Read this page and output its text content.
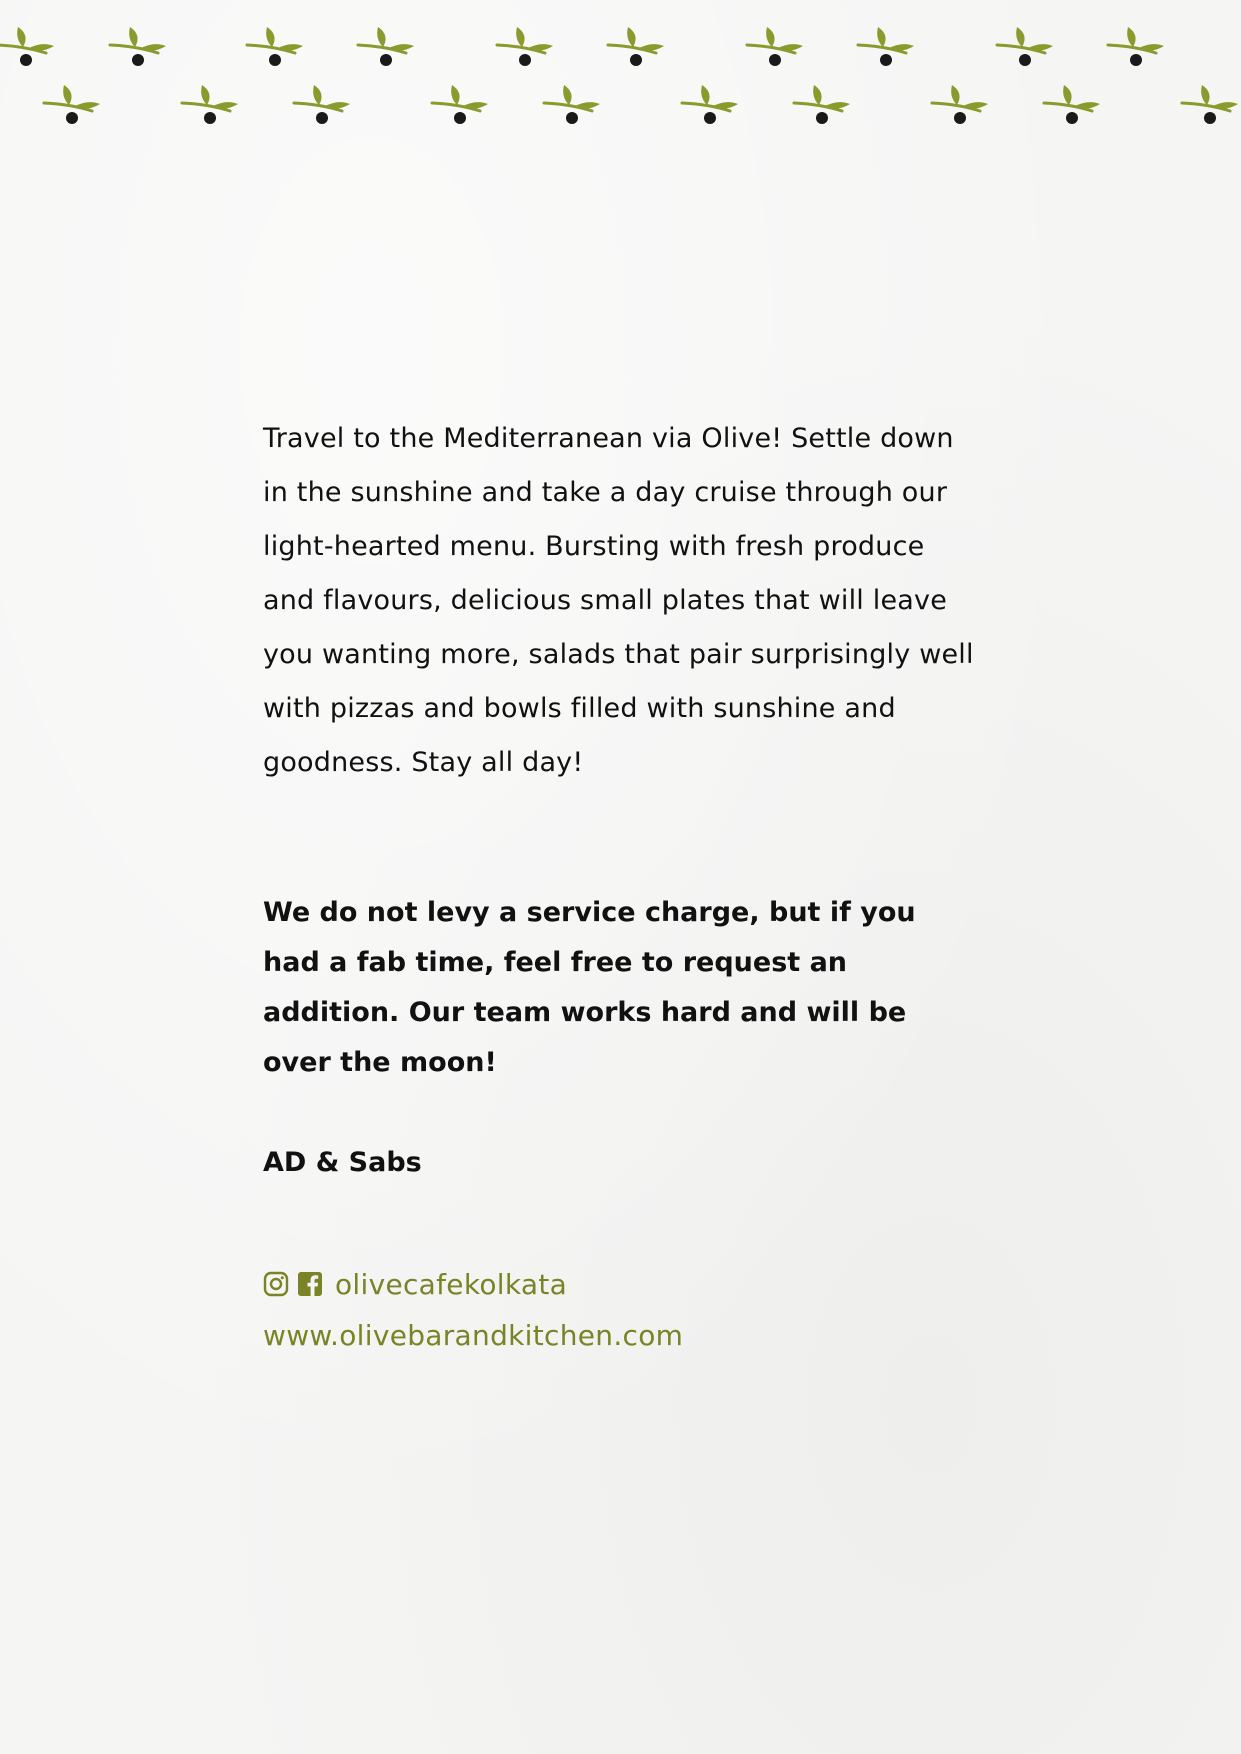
Travel to the Mediterranean via Olive! Settle down in the sunshine and take a day cruise through our light-hearted menu. Bursting with fresh produce and flavours, delicious small plates that will leave you wanting more, salads that pair surprisingly well with pizzas and bowls filled with sunshine and goodness. Stay all day!

We do not levy a service charge, but if you had a fab time, feel free to request an addition. Our team works hard and will be over the moon!

AD & Sabs

olivecafekolkata
www.olivebarandkitchen.com
